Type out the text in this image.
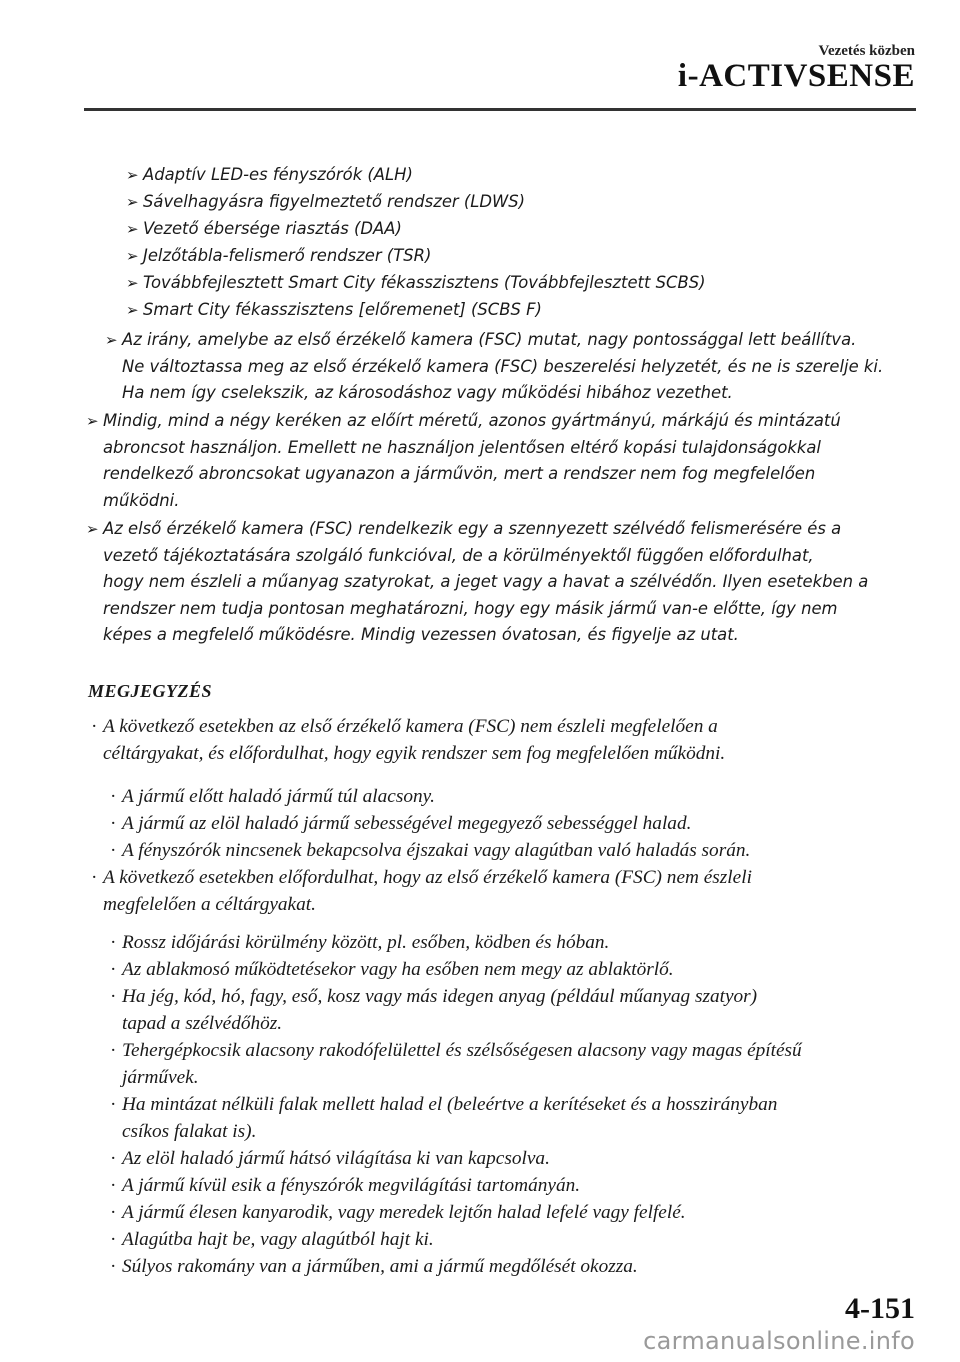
Vezetés közben
i-ACTIVSENSE
➢ Adaptív LED-es fényszórók (ALH)
➢ Sávelhagyásra figyelmeztető rendszer (LDWS)
➢ Vezető ébersége riasztás (DAA)
➢ Jelzőtábla-felismerő rendszer (TSR)
➢ Továbbfejlesztett Smart City fékasszisztens (Továbbfejlesztett SCBS)
➢ Smart City fékasszisztens [előremenet] (SCBS F)
➢ Az irány, amelybe az első érzékelő kamera (FSC) mutat, nagy pontossággal lett beállítva.
Ne változtassa meg az első érzékelő kamera (FSC) beszerelési helyzetét, és ne is szerelje ki.
Ha nem így cselekszik, az károsodáshoz vagy működési hibához vezethet.
➢ Mindig, mind a négy keréken az előírt méretű, azonos gyártmányú, márkájú és mintázatú
abroncsot használjon. Emellett ne használjon jelentősen eltérő kopási tulajdonságokkal
rendelkező abroncsokat ugyanazon a járművön, mert a rendszer nem fog megfelelően
működni.
➢ Az első érzékelő kamera (FSC) rendelkezik egy a szennyezett szélvédő felismerésére és a
vezető tájékoztatására szolgáló funkcióval, de a körülményektől függően előfordulhat,
hogy nem észleli a műanyag szatyrokat, a jeget vagy a havat a szélvédőn. Ilyen esetekben a
rendszer nem tudja pontosan meghatározni, hogy egy másik jármű van-e előtte, így nem
képes a megfelelő működésre. Mindig vezessen óvatosan, és figyelje az utat.
MEGJEGYZÉS
· A következő esetekben az első érzékelő kamera (FSC) nem észleli megfelelően a
céltárgyakat, és előfordulhat, hogy egyik rendszer sem fog megfelelően működni.
· A jármű előtt haladó jármű túl alacsony.
· A jármű az elöl haladó jármű sebességével megegyező sebességgel halad.
· A fényszórók nincsenek bekapcsolva éjszakai vagy alagútban való haladás során.
· A következő esetekben előfordulhat, hogy az első érzékelő kamera (FSC) nem észleli
megfelelően a céltárgyakat.
· Rossz időjárási körülmény között, pl. esőben, ködben és hóban.
· Az ablakmosó működtetésekor vagy ha esőben nem megy az ablaktörlő.
· Ha jég, kód, hó, fagy, eső, kosz vagy más idegen anyag (például műanyag szatyor)
tapad a szélvédőhöz.
· Tehergépkocsik alacsony rakodófelülettel és szélsőségesen alacsony vagy magas építésű
járművek.
· Ha mintázat nélküli falak mellett halad el (beleértve a kerítéseket és a hosszirányban
csíkos falakat is).
· Az elöl haladó jármű hátsó világítása ki van kapcsolva.
· A jármű kívül esik a fényszórók megvilágítási tartományán.
· A jármű élesen kanyarodik, vagy meredek lejtőn halad lefelé vagy felfelé.
· Alagútba hajt be, vagy alagútból hajt ki.
· Súlyos rakomány van a járműben, ami a jármű megdőlését okozza.
4-151
carmanualsonline.info
